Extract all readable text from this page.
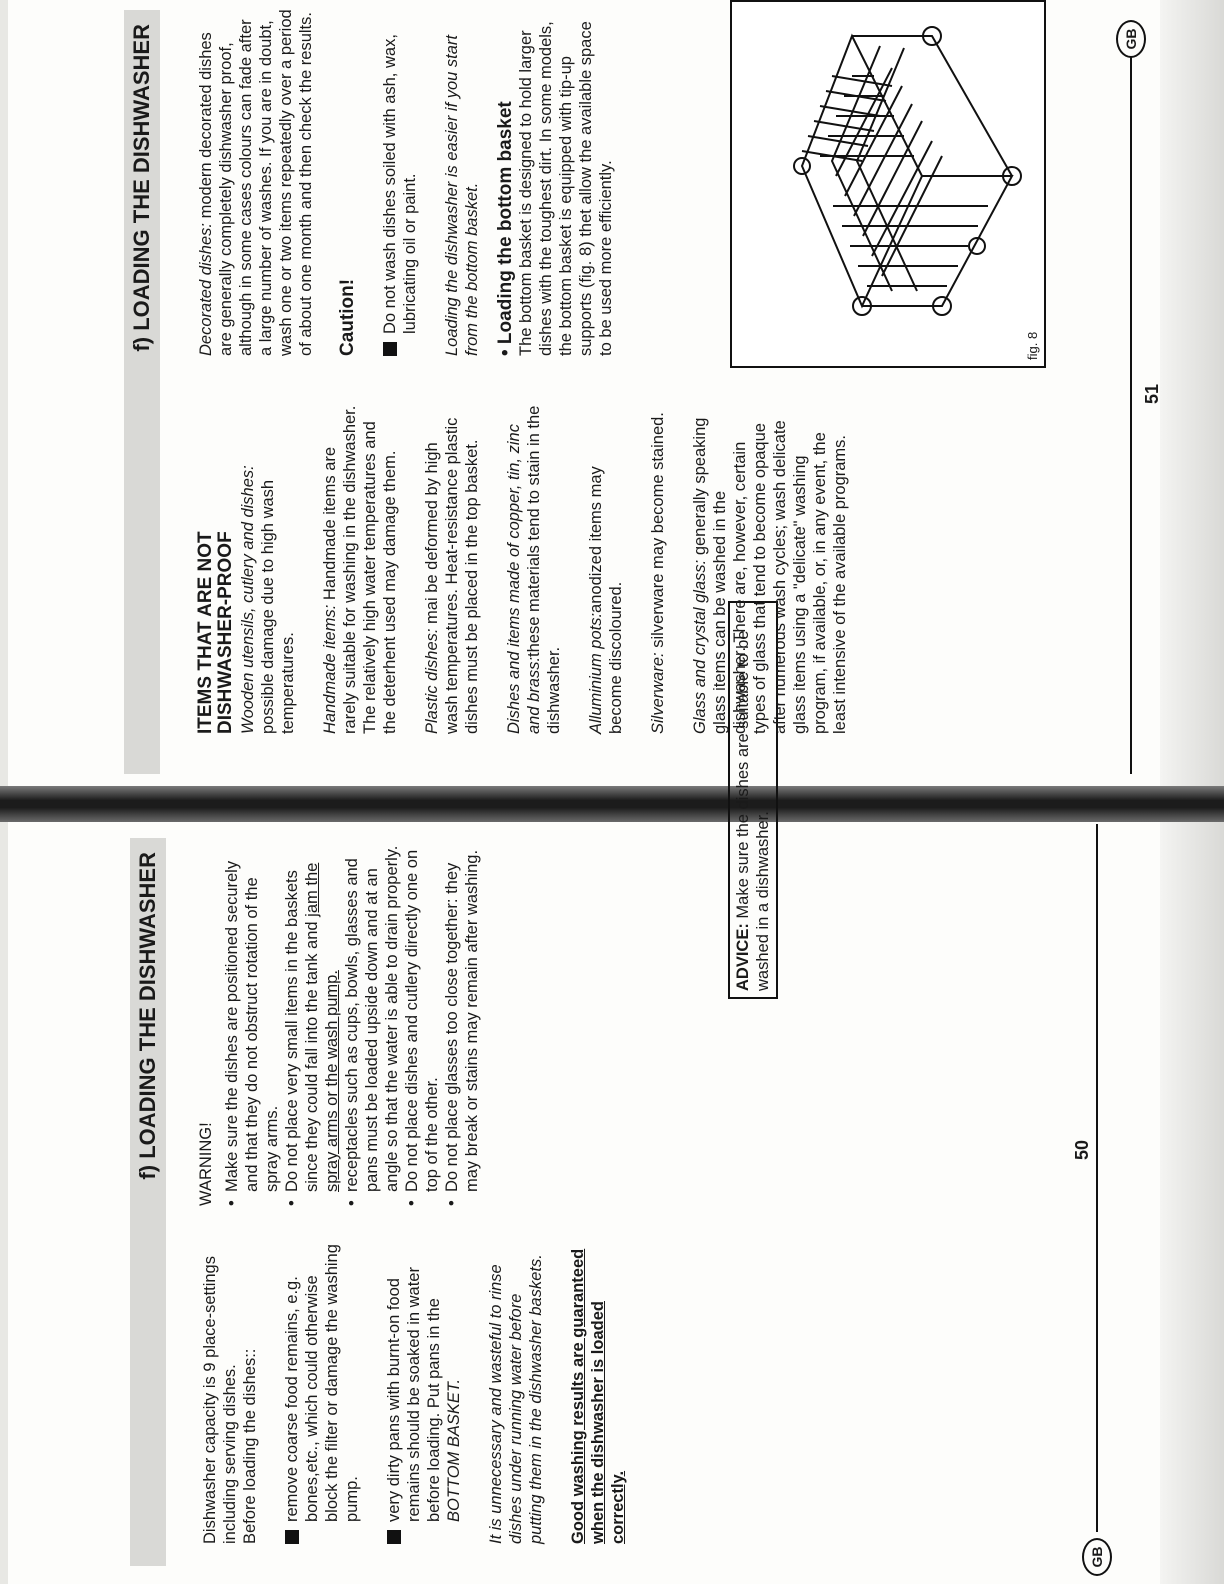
f) LOADING THE DISHWASHER

Dishwasher capacity is 9 place-settings including serving dishes. Before loading the dishes:: remove coarse food remains, e.g. bones,etc., which could otherwise block the filter or damage the washing pump. very dirty pans with burnt-on food remains should be soaked in water before loading. Put pans in the BOTTOM BASKET. It is unnecessary and wasteful to rinse dishes under running water before putting them in the dishwasher baskets. Good washing results are guaranteed when the dishwasher is loaded correctly.

WARNING! •
Make sure the dishes are positioned securely and that they do not obstruct rotation of the spray arms.
•
Do not place very small items in the baskets since they could fall into the tank and jam the spray arms or the wash pump.
•
receptacles such as cups, bowls, glasses and pans must be loaded upside down and at an angle so that the water is able to drain properly.
•
Do not place dishes and cutlery directly one on top of the other.
•
Do not place glasses too close together: they may break or stains may remain after washing.	ADVICE: Make sure the dishes are suitable to be washed in a dishwasher.
GB
50
f) LOADING THE DISHWASHER
ITEMS THAT ARE NOT
DISHWASHER-PROOF Wooden utensils, cutlery and dishes: possible damage due to high wash temperatures. Handmade items: Handmade items are rarely suitable for washing in the dishwasher. The relatively high water temperatures and the deterhent used may damage them. Plastic dishes: mai be deformed by high wash temperatures. Heat-resistance plastic dishes must be placed in the top basket. Dishes and items made of copper, tin, zinc and brass:these materials tend to stain in the dishwasher. Alluminium pots:anodized items may become discoloured. Silverware: silverware may become stained. Glass and crystal glass: generally speaking glass items can be washed in the dishwasher. There are, however, certain types of glass that tend to become opaque after numerous wash cycles; wash delicate glass items using a "delicate" washing program, if available, or, in any event, the least intensive of the available programs.

Decorated dishes: modern decorated dishes are generally completely dishwasher proof, although in some cases colours can fade after a large number of washes. If you are in doubt, wash one or two items repeatedly over a period of about one month and then check the results. Caution! Do not wash dishes soiled with ash, wax, lubricating oil or paint. Loading the dishwasher is easier if you start from the bottom basket. • Loading the bottom basket The bottom basket is designed to hold larger dishes with the toughest dirt. In some models, the bottom basket is equipped with tip-up supports (fig. 8) thet allow the available space to be used more efficiently.	fig. 8
51
GB
